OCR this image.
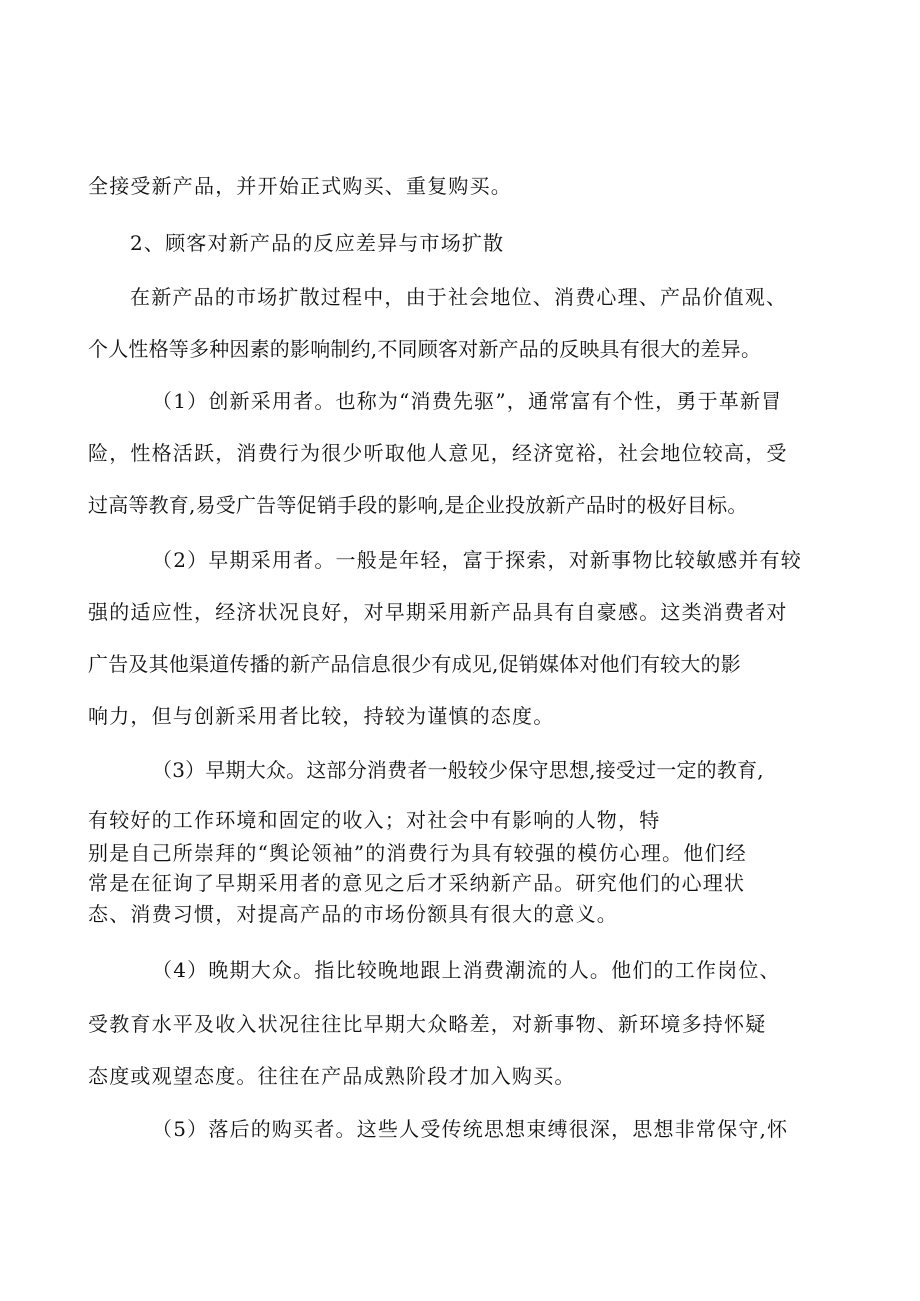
全接受新产品，并开始正式购买、重复购买。
2、顾客对新产品的反应差异与市场扩散
在新产品的市场扩散过程中，由于社会地位、消费心理、产品价值观、
个人性格等多种因素的影响制约,不同顾客对新产品的反映具有很大的差异。
（1）创新采用者。也称为“消费先驱”，通常富有个性，勇于革新冒
险，性格活跃，消费行为很少听取他人意见，经济宽裕，社会地位较高，受
过高等教育,易受广告等促销手段的影响,是企业投放新产品时的极好目标。
（2）早期采用者。一般是年轻，富于探索，对新事物比较敏感并有较
强的适应性，经济状况良好，对早期采用新产品具有自豪感。这类消费者对
广告及其他渠道传播的新产品信息很少有成见,促销媒体对他们有较大的影
响力，但与创新采用者比较，持较为谨慎的态度。
（3）早期大众。这部分消费者一般较少保守思想,接受过一定的教育,
有较好的工作环境和固定的收入；对社会中有影响的人物，特
别是自己所崇拜的“舆论领袖”的消费行为具有较强的模仿心理。他们经
常是在征询了早期采用者的意见之后才采纳新产品。研究他们的心理状
态、消费习惯，对提高产品的市场份额具有很大的意义。
（4）晚期大众。指比较晚地跟上消费潮流的人。他们的工作岗位、
受教育水平及收入状况往往比早期大众略差，对新事物、新环境多持怀疑
态度或观望态度。往往在产品成熟阶段才加入购买。
（5）落后的购买者。这些人受传统思想束缚很深，思想非常保守,怀
